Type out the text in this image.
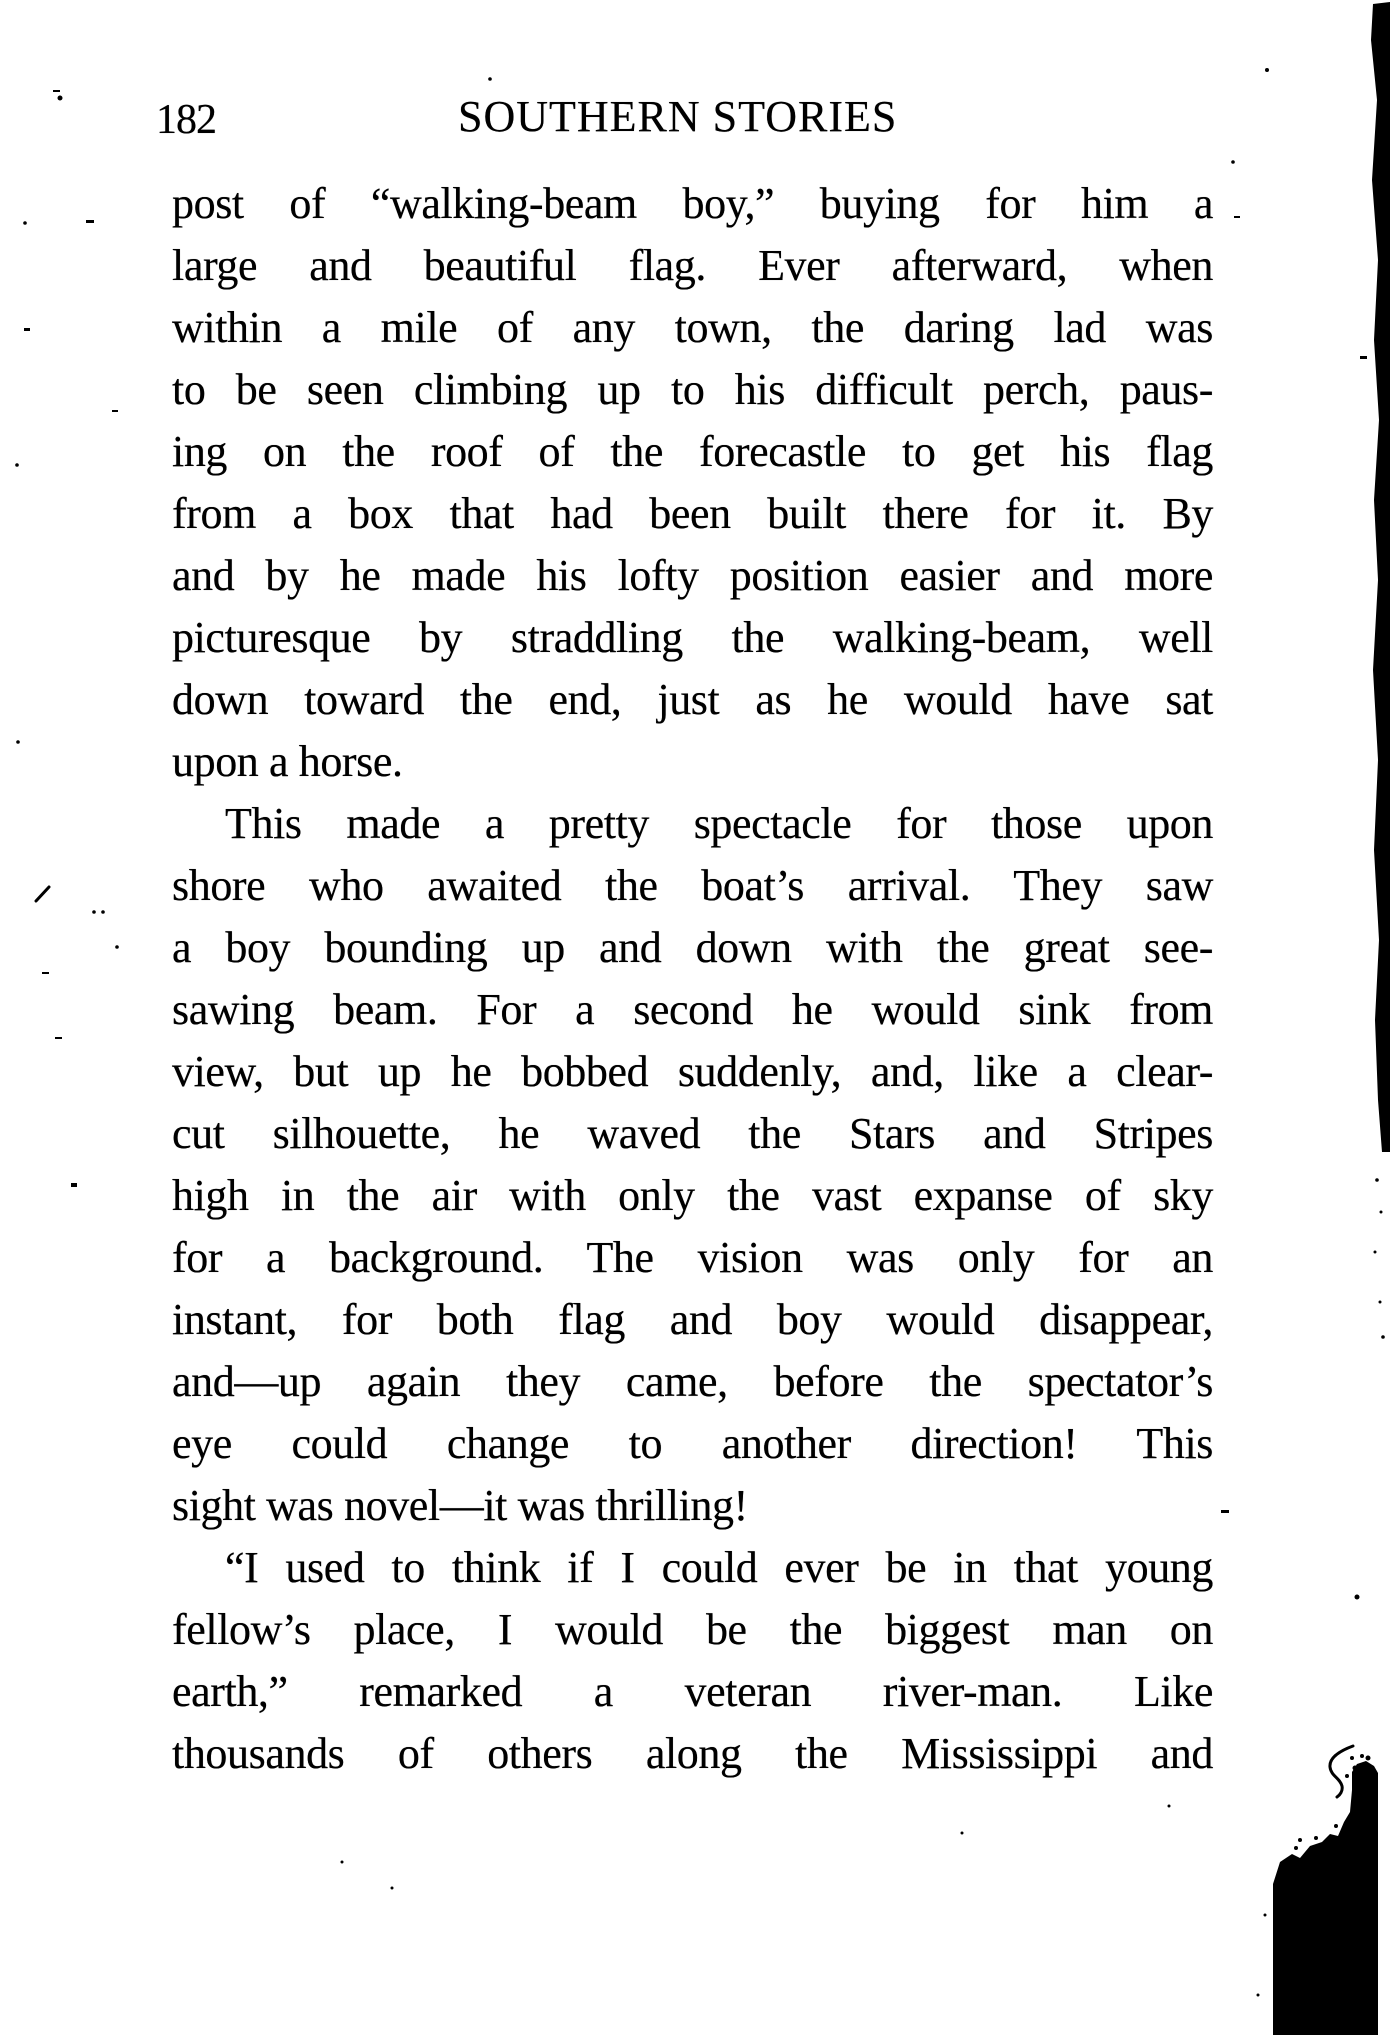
182	SOUTHERN STORIES
post of “walking-beam boy,” buying for him a
large and beautiful flag. Ever afterward, when
within a mile of any town, the daring lad was
to be seen climbing up to his difficult perch, paus-
ing on the roof of the forecastle to get his flag
from a box that had been built there for it. By
and by he made his lofty position easier and more
picturesque by straddling the walking-beam, well
down toward the end, just as he would have sat
upon a horse.
This made a pretty spectacle for those upon
shore who awaited the boat’s arrival. They saw
a boy bounding up and down with the great see-
sawing beam. For a second he would sink from
view, but up he bobbed suddenly, and, like a clear-
cut silhouette, he waved the Stars and Stripes
high in the air with only the vast expanse of sky
for a background. The vision was only for an
instant, for both flag and boy would disappear,
and—up again they came, before the spectator’s
eye could change to another direction! This
sight was novel—it was thrilling!
“I used to think if I could ever be in that young
fellow’s place, I would be the biggest man on
earth,” remarked a veteran river-man. Like
thousands of others along the Mississippi and
